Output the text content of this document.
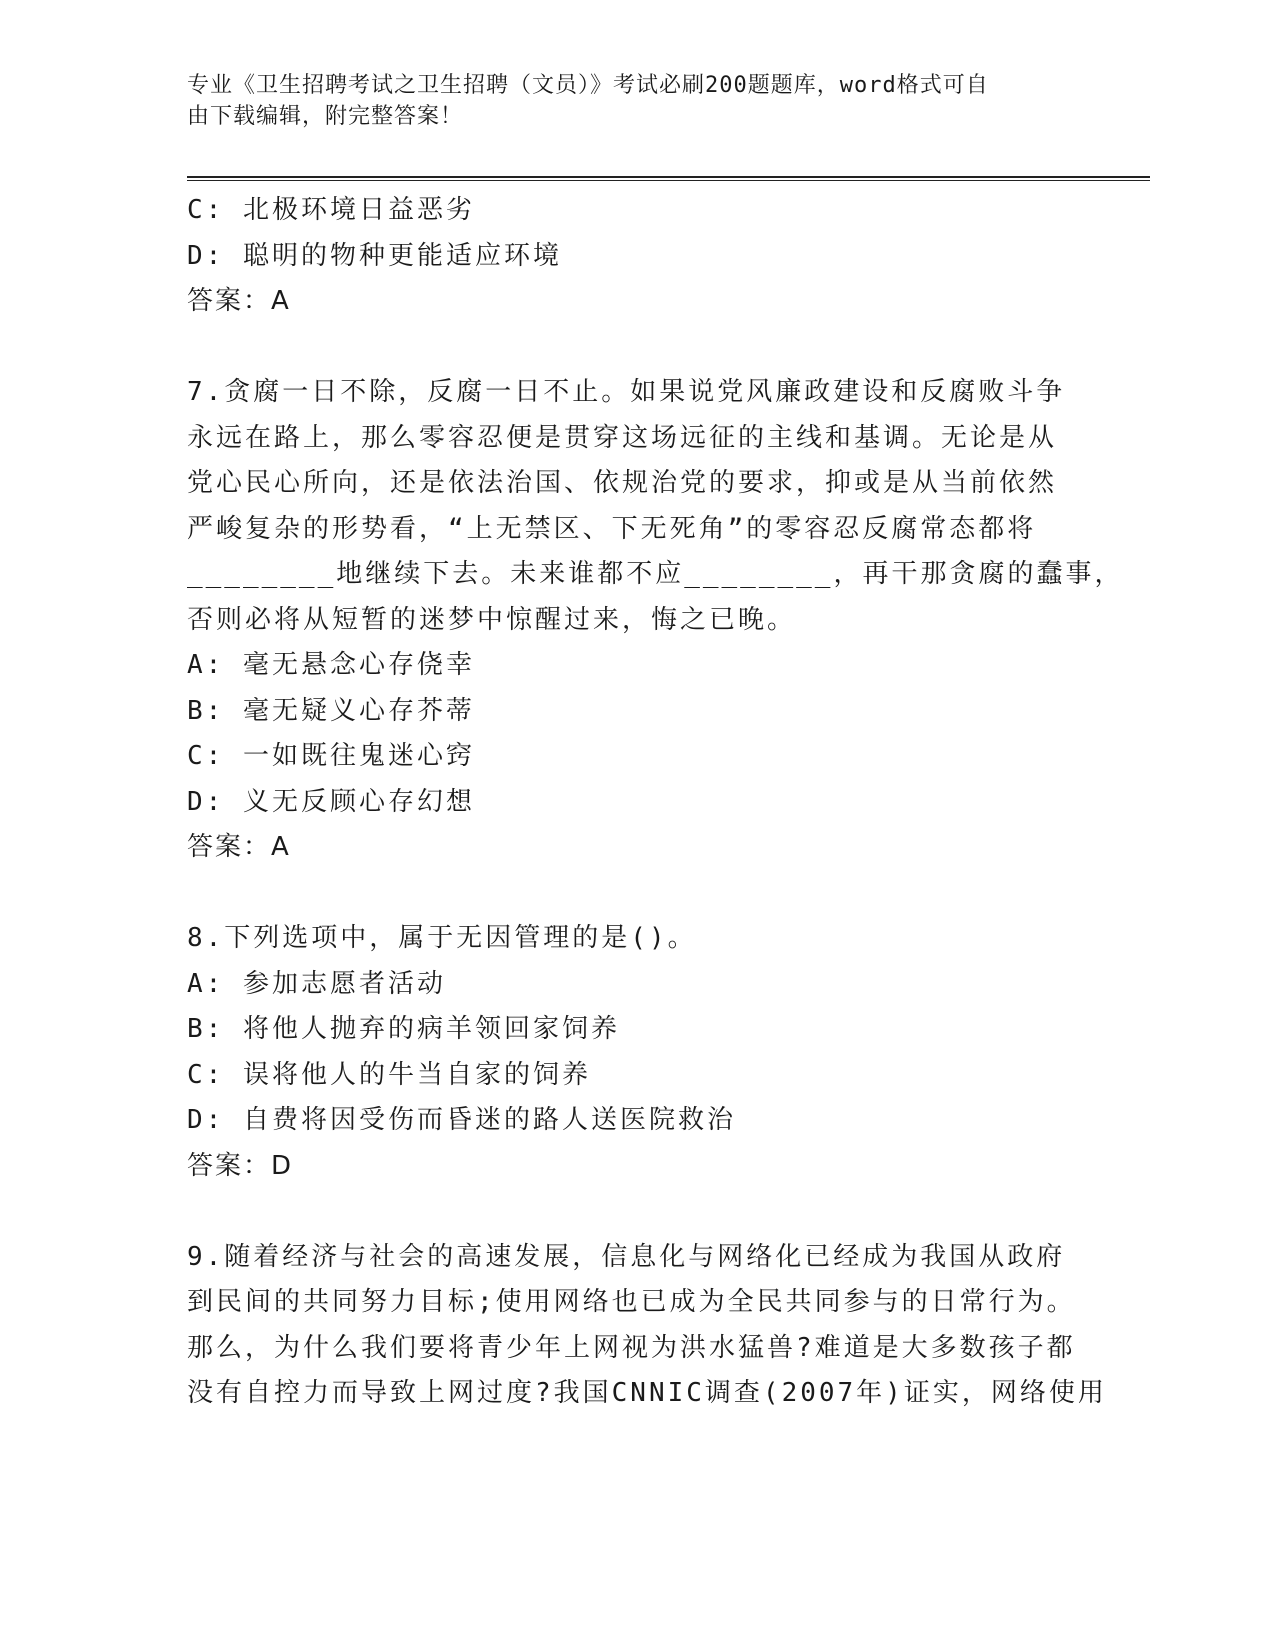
专业《卫生招聘考试之卫生招聘（文员）》考试必刷200题题库，word格式可自
由下载编辑，附完整答案！
C: 北极环境日益恶劣
D: 聪明的物种更能适应环境
答案：A
7.贪腐一日不除，反腐一日不止。如果说党风廉政建设和反腐败斗争
永远在路上，那么零容忍便是贯穿这场远征的主线和基调。无论是从
党心民心所向，还是依法治国、依规治党的要求，抑或是从当前依然
严峻复杂的形势看，“上无禁区、下无死角”的零容忍反腐常态都将
________地继续下去。未来谁都不应________，再干那贪腐的蠢事，
否则必将从短暂的迷梦中惊醒过来，悔之已晚。
A: 毫无悬念心存侥幸
B: 毫无疑义心存芥蒂
C: 一如既往鬼迷心窍
D: 义无反顾心存幻想
答案：A
8.下列选项中，属于无因管理的是()。
A: 参加志愿者活动
B: 将他人抛弃的病羊领回家饲养
C: 误将他人的牛当自家的饲养
D: 自费将因受伤而昏迷的路人送医院救治
答案：D
9.随着经济与社会的高速发展，信息化与网络化已经成为我国从政府
到民间的共同努力目标;使用网络也已成为全民共同参与的日常行为。
那么，为什么我们要将青少年上网视为洪水猛兽?难道是大多数孩子都
没有自控力而导致上网过度?我国CNNIC调查(2007年)证实，网络使用
